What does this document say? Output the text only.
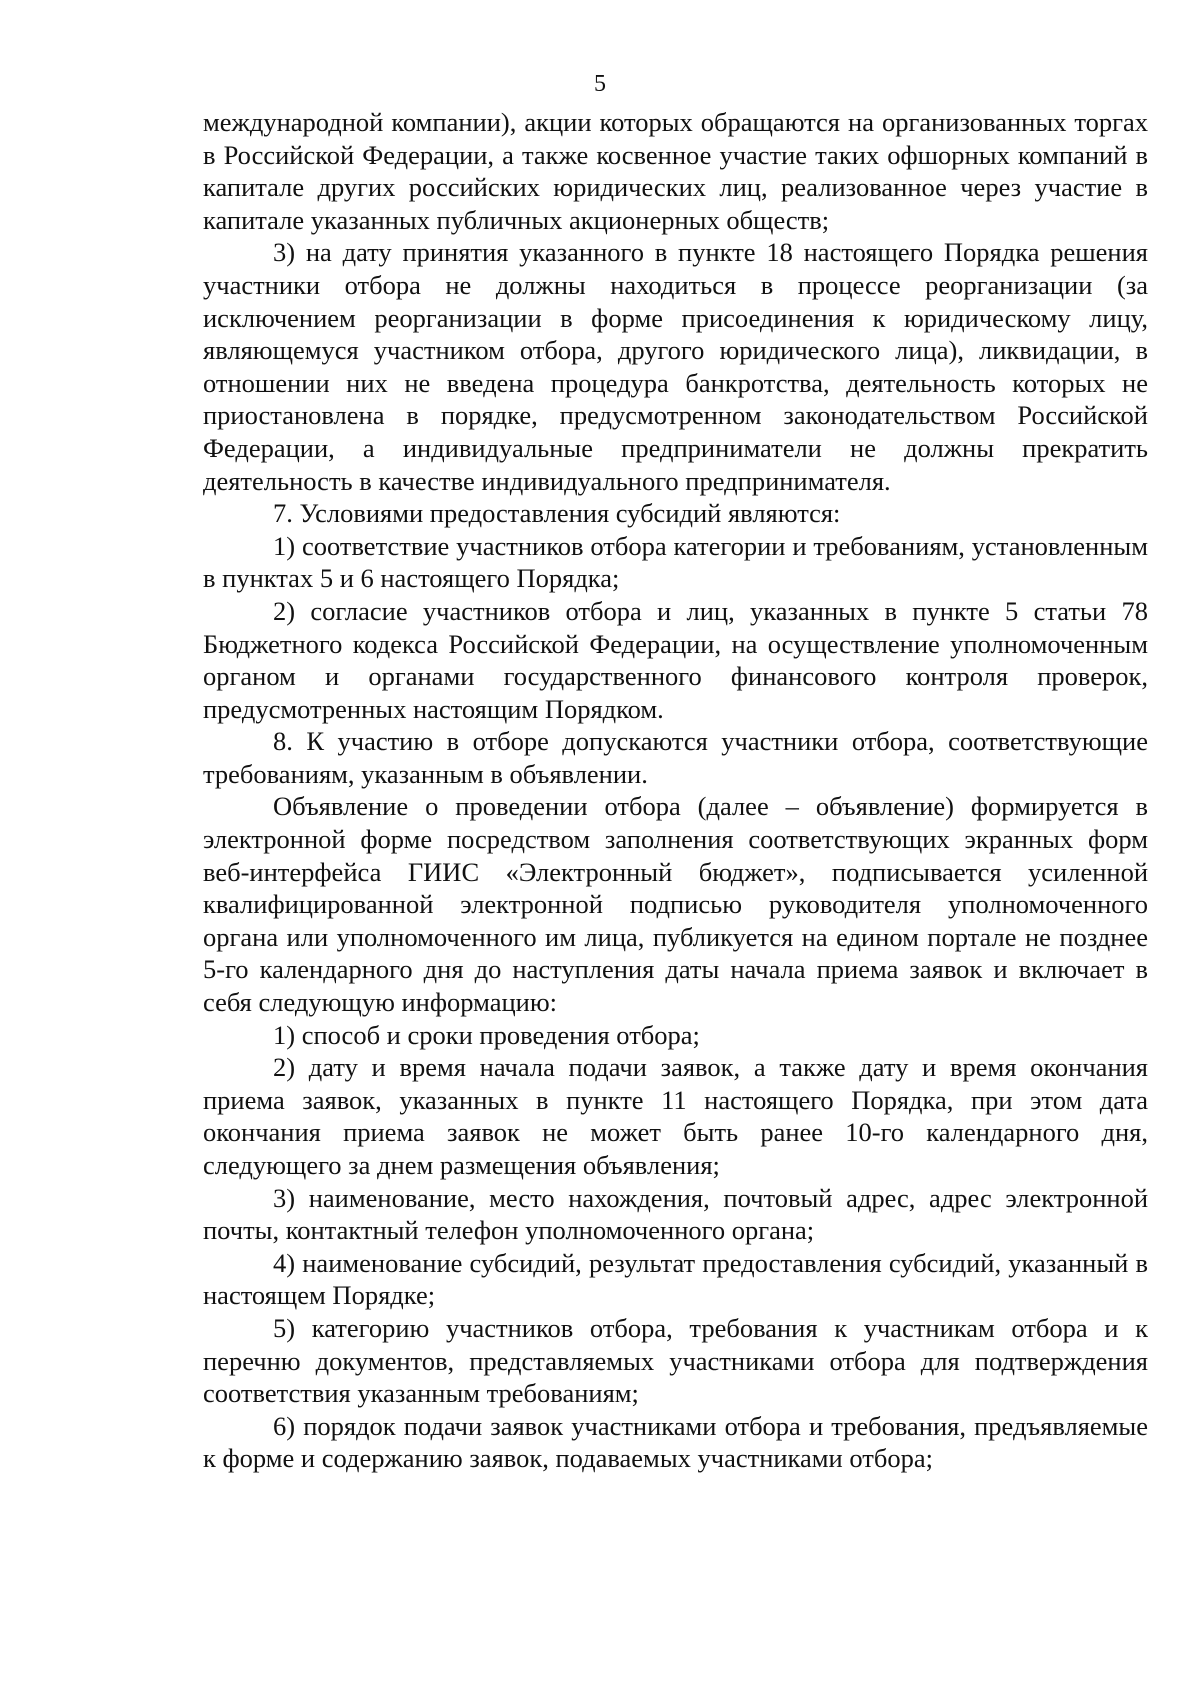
5

международной компании), акции которых обращаются на организованных торгах в Российской Федерации, а также косвенное участие таких офшорных компаний в капитале других российских юридических лиц, реализованное через участие в капитале указанных публичных акционерных обществ;

3) на дату принятия указанного в пункте 18 настоящего Порядка решения участники отбора не должны находиться в процессе реорганизации (за исключением реорганизации в форме присоединения к юридическому лицу, являющемуся участником отбора, другого юридического лица), ликвидации, в отношении них не введена процедура банкротства, деятельность которых не приостановлена в порядке, предусмотренном законодательством Российской Федерации, а индивидуальные предприниматели не должны прекратить деятельность в качестве индивидуального предпринимателя.

7. Условиями предоставления субсидий являются:

1) соответствие участников отбора категории и требованиям, установленным в пунктах 5 и 6 настоящего Порядка;

2) согласие участников отбора и лиц, указанных в пункте 5 статьи 78 Бюджетного кодекса Российской Федерации, на осуществление уполномоченным органом и органами государственного финансового контроля проверок, предусмотренных настоящим Порядком.

8. К участию в отборе допускаются участники отбора, соответствующие требованиям, указанным в объявлении.

Объявление о проведении отбора (далее – объявление) формируется в электронной форме посредством заполнения соответствующих экранных форм веб-интерфейса ГИИС «Электронный бюджет», подписывается усиленной квалифицированной электронной подписью руководителя уполномоченного органа или уполномоченного им лица, публикуется на едином портале не позднее 5-го календарного дня до наступления даты начала приема заявок и включает в себя следующую информацию:

1) способ и сроки проведения отбора;

2) дату и время начала подачи заявок, а также дату и время окончания приема заявок, указанных в пункте 11 настоящего Порядка, при этом дата окончания приема заявок не может быть ранее 10-го календарного дня, следующего за днем размещения объявления;

3) наименование, место нахождения, почтовый адрес, адрес электронной почты, контактный телефон уполномоченного органа;

4) наименование субсидий, результат предоставления субсидий, указанный в настоящем Порядке;

5) категорию участников отбора, требования к участникам отбора и к перечню документов, представляемых участниками отбора для подтверждения соответствия указанным требованиям;

6) порядок подачи заявок участниками отбора и требования, предъявляемые к форме и содержанию заявок, подаваемых участниками отбора;
